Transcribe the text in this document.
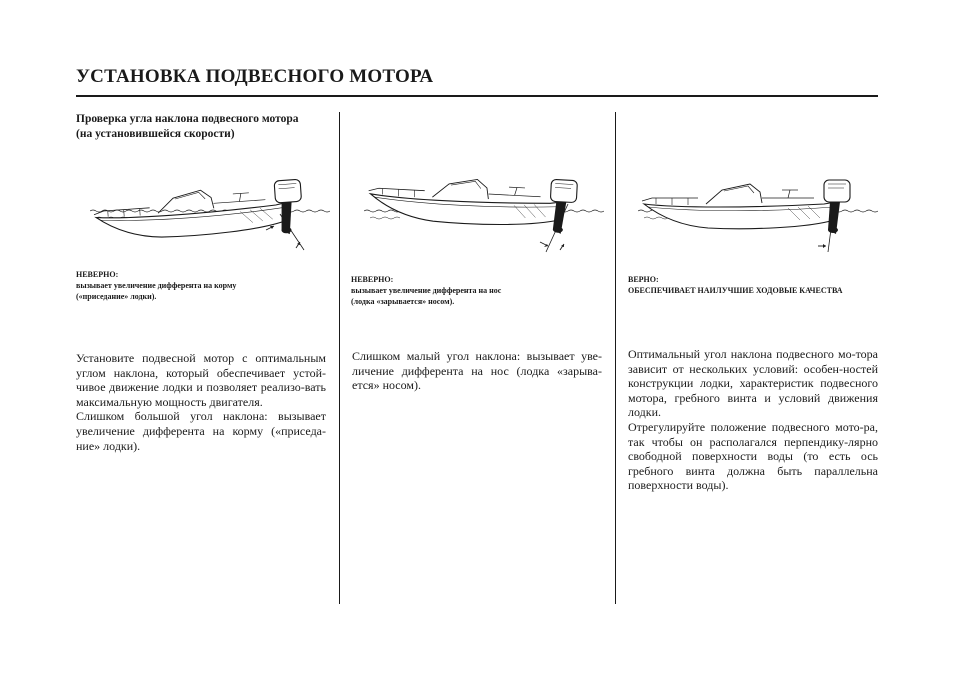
УСТАНОВКА ПОДВЕСНОГО МОТОРА
Проверка угла наклона подвесного мотора
(на установившейся скорости)
НЕВЕРНО:
вызывает увеличение дифферента на корму
(«приседание» лодки).
НЕВЕРНО:
вызывает увеличение дифферента на нос
(лодка «зарывается» носом).
ВЕРНО:
ОБЕСПЕЧИВАЕТ НАИЛУЧШИЕ ХОДОВЫЕ КАЧЕСТВА

Установите подвесной мотор с оптимальным углом наклона, который обеспечивает устой-чивое движение лодки и позволяет реализо-вать максимальную мощность двигателя.

Слишком большой угол наклона: вызывает увеличение дифферента на корму («приседа-ние» лодки).

Слишком малый угол наклона: вызывает уве-личение дифферента на нос (лодка «зарыва-ется» носом).

Оптимальный угол наклона подвесного мо-тора зависит от нескольких условий: особен-ностей конструкции лодки, характеристик подвесного мотора, гребного винта и условий движения лодки.

Отрегулируйте положение подвесного мото-ра, так чтобы он располагался перпендику-лярно свободной поверхности воды (то есть ось гребного винта должна быть параллельна поверхности воды).
